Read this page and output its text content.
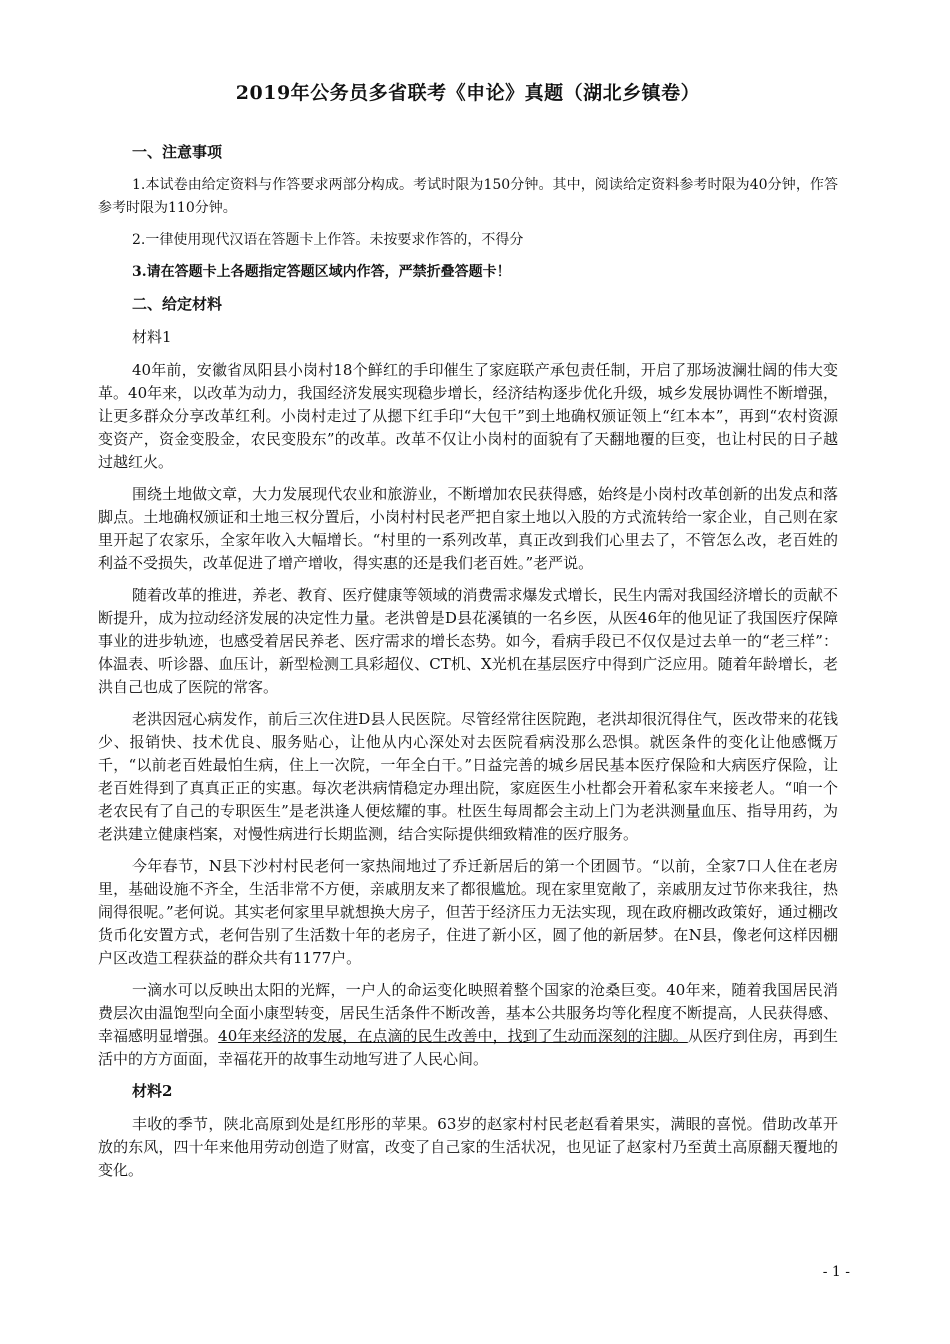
2019年公务员多省联考《申论》真题（湖北乡镇卷）
一、注意事项
1.本试卷由给定资料与作答要求两部分构成。考试时限为150分钟。其中，阅读给定资料参考时限为40分钟，作答参考时限为110分钟。
2.一律使用现代汉语在答题卡上作答。未按要求作答的，不得分
3.请在答题卡上各题指定答题区域内作答，严禁折叠答题卡！
二、给定材料
材料1
40年前，安徽省凤阳县小岗村18个鲜红的手印催生了家庭联产承包责任制，开启了那场波澜壮阔的伟大变革。40年来，以改革为动力，我国经济发展实现稳步增长，经济结构逐步优化升级，城乡发展协调性不断增强，让更多群众分享改革红利。小岗村走过了从摁下红手印“大包干”到土地确权颁证领上“红本本”，再到“农村资源变资产，资金变股金，农民变股东”的改革。改革不仅让小岗村的面貌有了天翻地覆的巨变，也让村民的日子越过越红火。
围绕土地做文章，大力发展现代农业和旅游业，不断增加农民获得感，始终是小岗村改革创新的出发点和落脚点。土地确权颁证和土地三权分置后，小岗村村民老严把自家土地以入股的方式流转给一家企业，自己则在家里开起了农家乐，全家年收入大幅增长。“村里的一系列改革，真正改到我们心里去了，不管怎么改，老百姓的利益不受损失，改革促进了增产增收，得实惠的还是我们老百姓。”老严说。
随着改革的推进，养老、教育、医疗健康等领域的消费需求爆发式增长，民生内需对我国经济增长的贡献不断提升，成为拉动经济发展的决定性力量。老洪曾是D县花溪镇的一名乡医，从医46年的他见证了我国医疗保障事业的进步轨迹，也感受着居民养老、医疗需求的增长态势。如今，看病手段已不仅仅是过去单一的“老三样”：体温表、听诊器、血压计，新型检测工具彩超仪、CT机、X光机在基层医疗中得到广泛应用。随着年龄增长，老洪自己也成了医院的常客。
老洪因冠心病发作，前后三次住进D县人民医院。尽管经常往医院跑，老洪却很沉得住气，医改带来的花钱少、报销快、技术优良、服务贴心，让他从内心深处对去医院看病没那么恐惧。就医条件的变化让他感慨万千，“以前老百姓最怕生病，住上一次院，一年全白干。”日益完善的城乡居民基本医疗保险和大病医疗保险，让老百姓得到了真真正正的实惠。每次老洪病情稳定办理出院，家庭医生小杜都会开着私家车来接老人。“咱一个老农民有了自己的专职医生”是老洪逢人便炫耀的事。杜医生每周都会主动上门为老洪测量血压、指导用药，为老洪建立健康档案，对慢性病进行长期监测，结合实际提供细致精准的医疗服务。
今年春节，N县下沙村村民老何一家热闹地过了乔迁新居后的第一个团圆节。“以前，全家7口人住在老房里，基础设施不齐全，生活非常不方便，亲戚朋友来了都很尴尬。现在家里宽敞了，亲戚朋友过节你来我往，热闹得很呢。”老何说。其实老何家里早就想换大房子，但苦于经济压力无法实现，现在政府棚改政策好，通过棚改货币化安置方式，老何告别了生活数十年的老房子，住进了新小区，圆了他的新居梦。在N县，像老何这样因棚户区改造工程获益的群众共有1177户。
一滴水可以反映出太阳的光辉，一户人的命运变化映照着整个国家的沧桑巨变。40年来，随着我国居民消费层次由温饱型向全面小康型转变，居民生活条件不断改善，基本公共服务均等化程度不断提高，人民获得感、幸福感明显增强。40年来经济的发展，在点滴的民生改善中，找到了生动而深刻的注脚。从医疗到住房，再到生活中的方方面面，幸福花开的故事生动地写进了人民心间。
材料2
丰收的季节，陕北高原到处是红彤彤的苹果。63岁的赵家村村民老赵看着果实，满眼的喜悦。借助改革开放的东风，四十年来他用劳动创造了财富，改变了自己家的生活状况，也见证了赵家村乃至黄土高原翻天覆地的变化。
- 1 -
